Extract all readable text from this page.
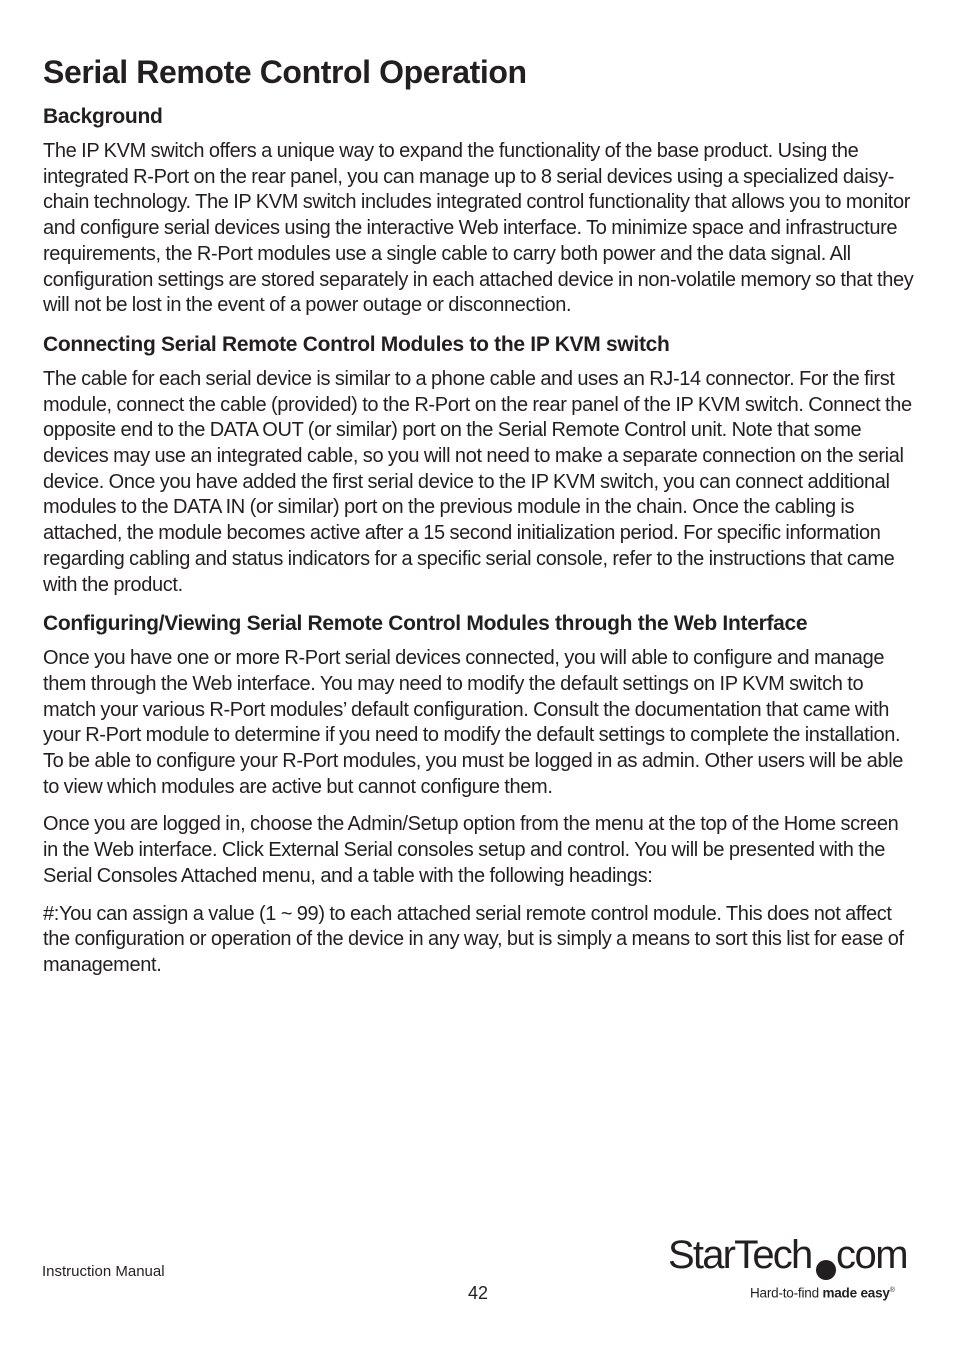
Serial Remote Control Operation
Background

The IP KVM switch offers a unique way to expand the functionality of the base product. Using the integrated R-Port on the rear panel, you can manage up to 8 serial devices using a specialized daisy-chain technology. The IP KVM switch includes integrated control functionality that allows you to monitor and configure serial devices using the interactive Web interface. To minimize space and infrastructure requirements, the R-Port modules use a single cable to carry both power and the data signal. All configuration settings are stored separately in each attached device in non-volatile memory so that they will not be lost in the event of a power outage or disconnection.

Connecting Serial Remote Control Modules to the IP KVM switch

The cable for each serial device is similar to a phone cable and uses an RJ-14 connector. For the first module, connect the cable (provided) to the R-Port on the rear panel of the IP KVM switch. Connect the opposite end to the DATA OUT (or similar) port on the Serial Remote Control unit. Note that some devices may use an integrated cable, so you will not need to make a separate connection on the serial device. Once you have added the first serial device to the IP KVM switch, you can connect additional modules to the DATA IN (or similar) port on the previous module in the chain. Once the cabling is attached, the module becomes active after a 15 second initialization period. For specific information regarding cabling and status indicators for a specific serial console, refer to the instructions that came with the product.

Configuring/Viewing Serial Remote Control Modules through the Web Interface

Once you have one or more R-Port serial devices connected, you will able to configure and manage them through the Web interface. You may need to modify the default settings on IP KVM switch to match your various R-Port modules’ default configuration. Consult the documentation that came with your R-Port module to determine if you need to modify the default settings to complete the installation. To be able to configure your R-Port modules, you must be logged in as admin. Other users will be able to view which modules are active but cannot configure them.

Once you are logged in, choose the Admin/Setup option from the menu at the top of the Home screen in the Web interface. Click External Serial consoles setup and control. You will be presented with the Serial Consoles Attached menu, and a table with the following headings:

#:You can assign a value (1 ~ 99) to each attached serial remote control module. This does not affect the configuration or operation of the device in any way, but is simply a means to sort this list for ease of management.

Instruction Manual
42
StarTech com
Hard-to-find made easy®
